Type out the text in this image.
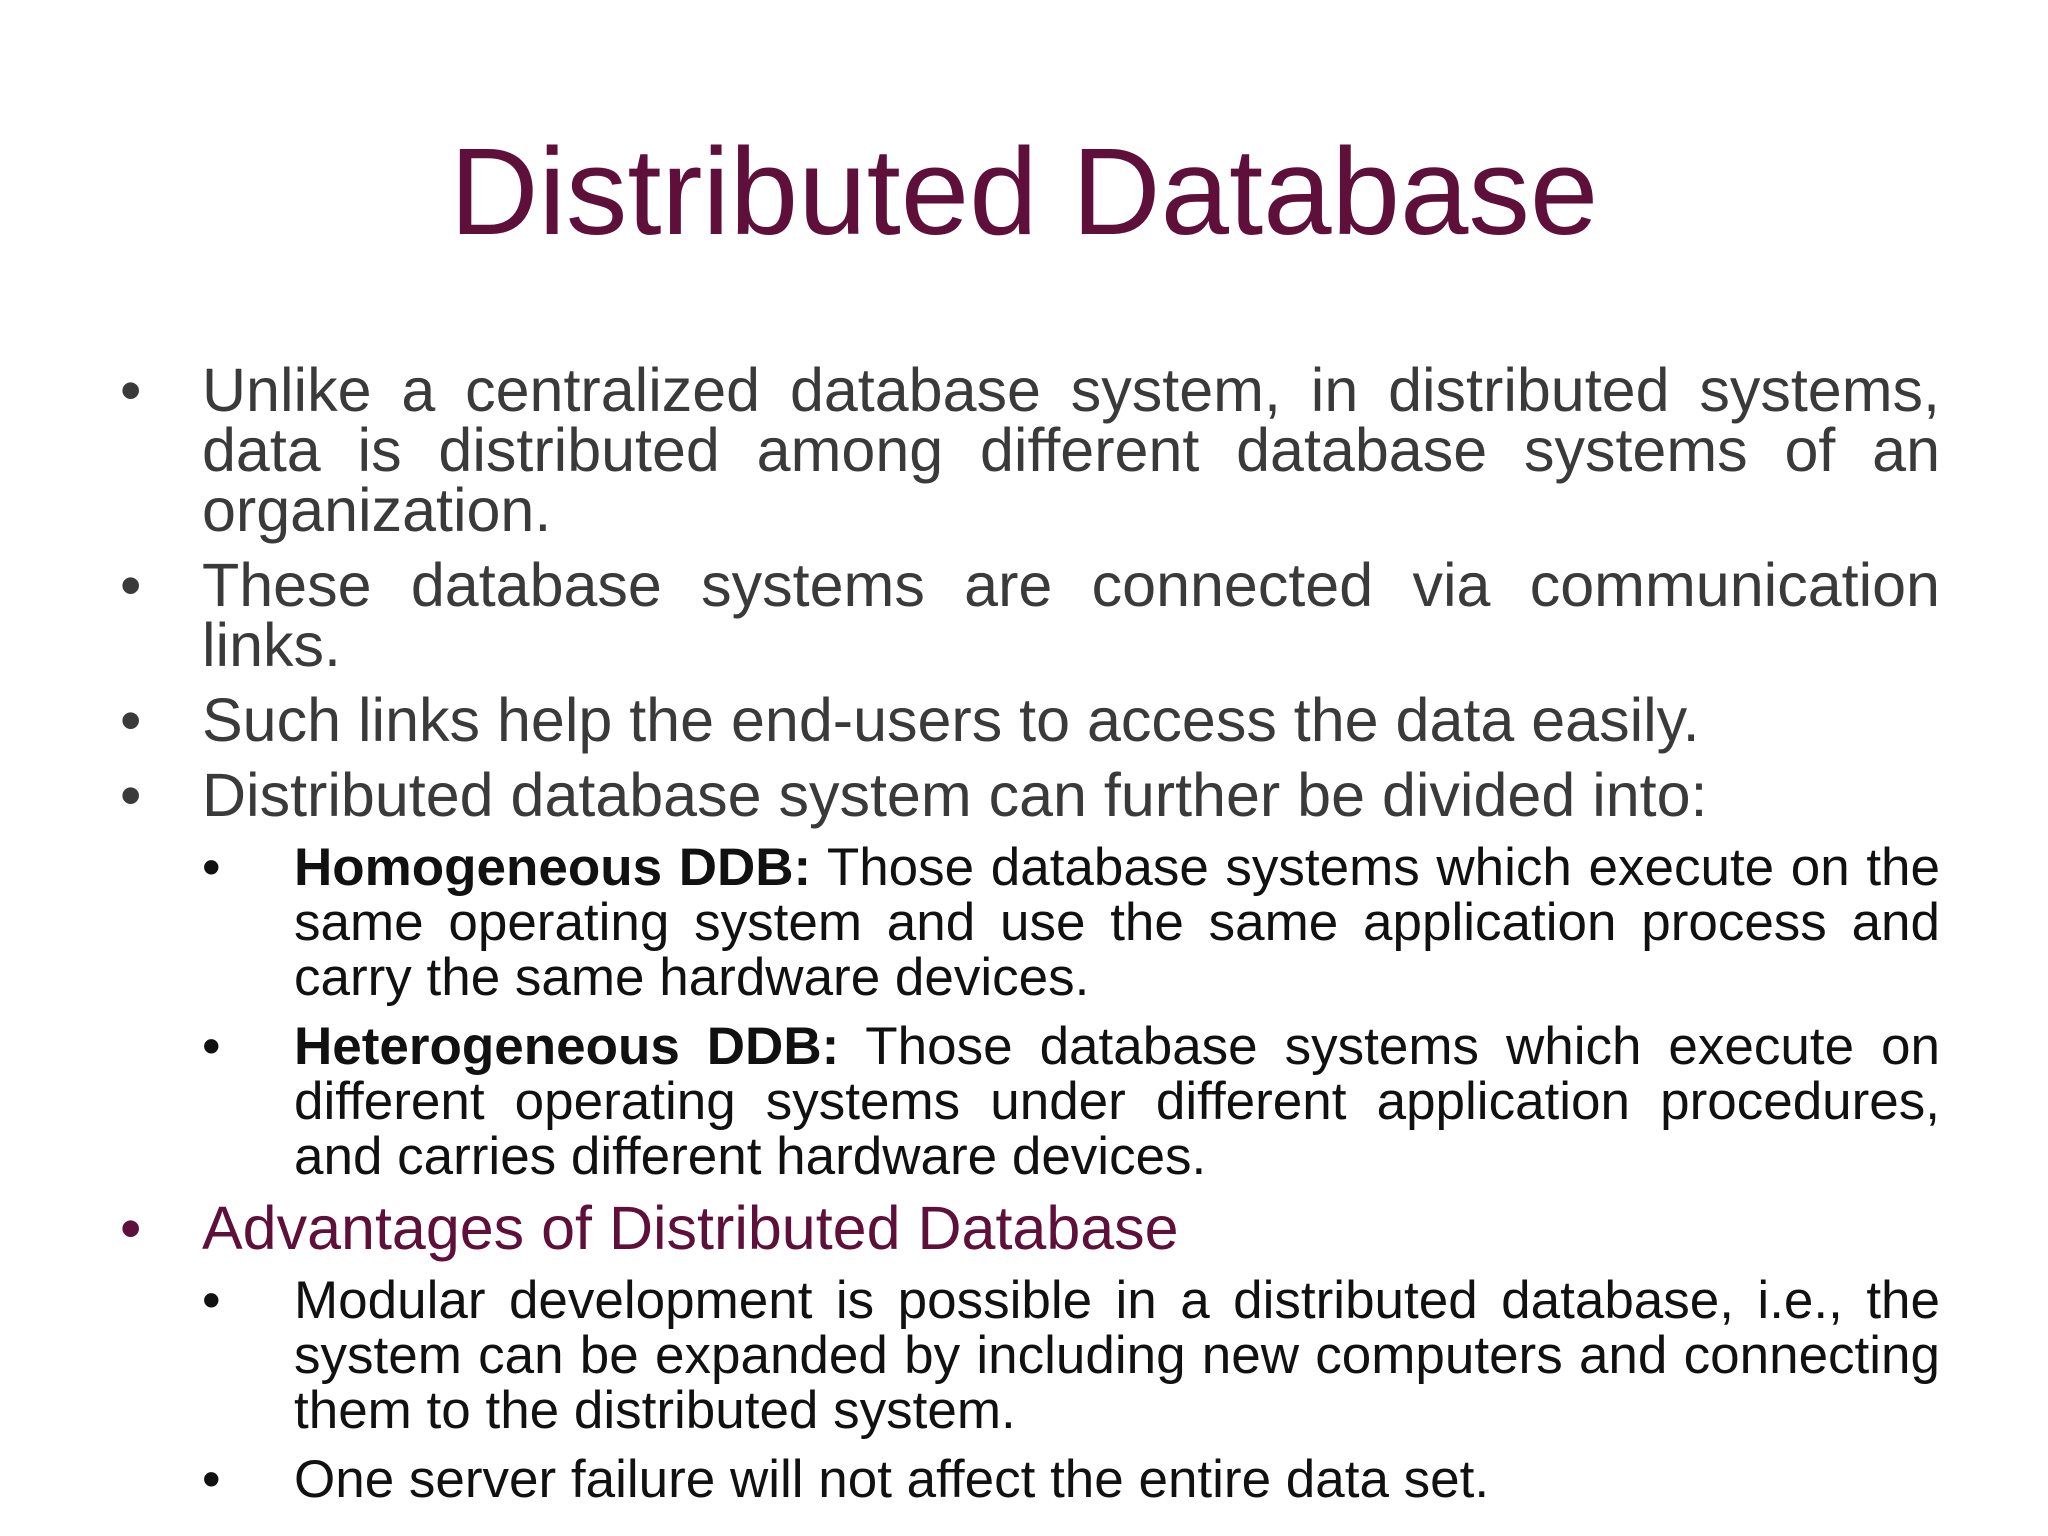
Distributed Database
• Unlike a centralized database system, in distributed systems, data is distributed among different database systems of an organization.
• These database systems are connected via communication links.
• Such links help the end-users to access the data easily.
• Distributed database system can further be divided into:
•	Homogeneous DDB: Those database systems which execute on the same operating system and use the same application process and carry the same hardware devices.
•	Heterogeneous DDB: Those database systems which execute on different operating systems under different application procedures, and carries different hardware devices.
• Advantages of Distributed Database
•	Modular development is possible in a distributed database, i.e., the system can be expanded by including new computers and connecting them to the distributed system.
•	One server failure will not affect the entire data set.
